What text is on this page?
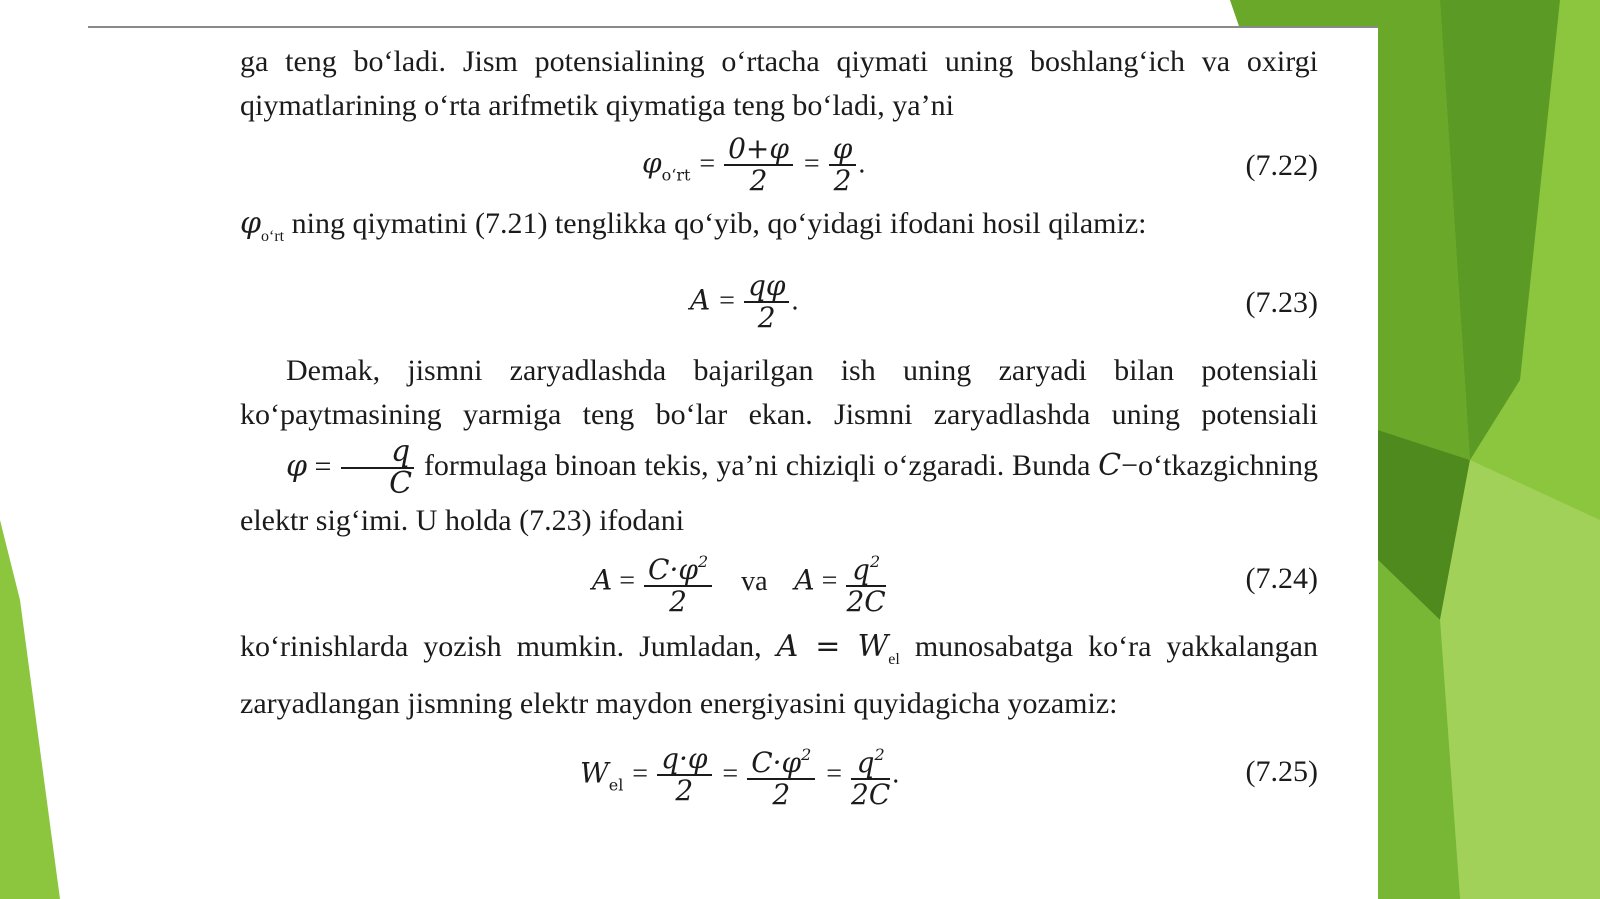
ga teng bo‘ladi. Jism potensialining o‘rtacha qiymati uning boshlang‘ich va oxirgi qiymatlarining o‘rta arifmetik qiymatiga teng bo‘ladi, ya’ni

$\varphi_{o‘rt} = \frac{0+\varphi}{2} = \frac{\varphi}{2}$ .	(7.22)

$\varphi_{o‘rt}$ ning qiymatini (7.21) tenglikka qo‘yib, qo‘yidagi ifodani hosil qilamiz:

$A = \frac{q\varphi}{2}$ .	(7.23)

Demak, jismni zaryadlashda bajarilgan ish uning zaryadi bilan potensiali ko‘paytmasining yarmiga teng bo‘lar ekan. Jismni zaryadlashda uning potensiali $\varphi = \frac{q}{C}$ formulaga binoan tekis, ya’ni chiziqli o‘zgaradi. Bunda C−o‘tkazgichning elektr sig‘imi. U holda (7.23) ifodani

$A = \frac{C\cdot\varphi^2}{2}$ va $A = \frac{q^2}{2C}$	(7.24)

ko‘rinishlarda yozish mumkin. Jumladan, $A = W_{el}$ munosabatga ko‘ra yakkalangan zaryadlangan jismning elektr maydon energiyasini quyidagicha yozamiz:

$W_{el} = \frac{q\cdot\varphi}{2} = \frac{C\cdot\varphi^2}{2} = \frac{q^2}{2C}$ .	(7.25)
